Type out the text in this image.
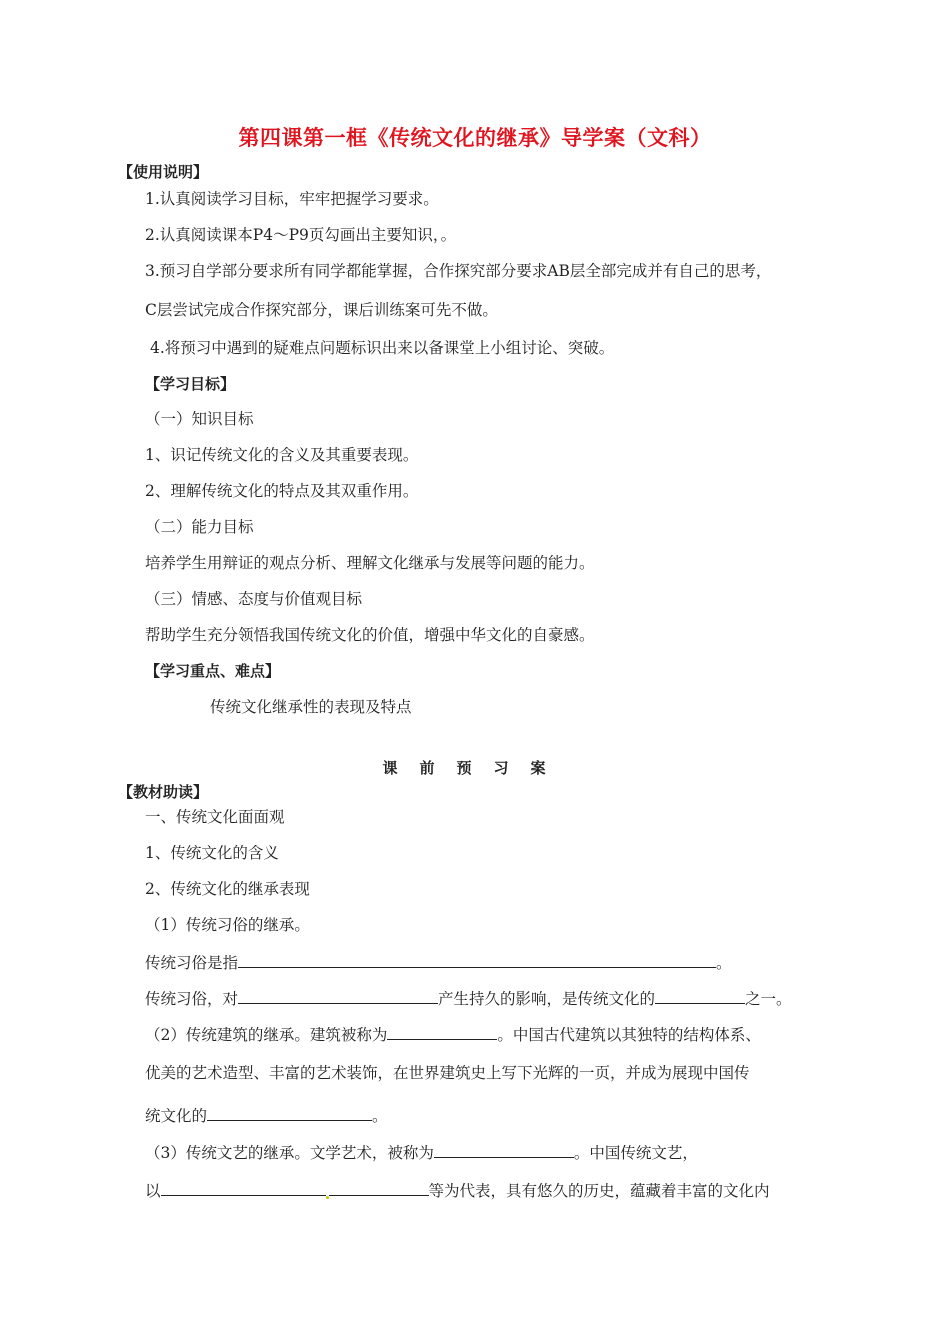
第四课第一框《传统文化的继承》导学案（文科）
【使用说明】
1.认真阅读学习目标，牢牢把握学习要求。
2.认真阅读课本P4～P9页勾画出主要知识，。
3.预习自学部分要求所有同学都能掌握，合作探究部分要求AB层全部完成并有自己的思考，
C层尝试完成合作探究部分，课后训练案可先不做。
4.将预习中遇到的疑难点问题标识出来以备课堂上小组讨论、突破。
【学习目标】
（一）知识目标
1、识记传统文化的含义及其重要表现。
2、理解传统文化的特点及其双重作用。
（二）能力目标
培养学生用辩证的观点分析、理解文化继承与发展等问题的能力。
（三）情感、态度与价值观目标
帮助学生充分领悟我国传统文化的价值，增强中华文化的自豪感。
【学习重点、难点】
传统文化继承性的表现及特点
课前预习案
【教材助读】
一、传统文化面面观
1、传统文化的含义
2、传统文化的继承表现
（1）传统习俗的继承。
传统习俗是指	。
传统习俗，对	产生持久的影响，是传统文化的	之一。
（2）传统建筑的继承。建筑被称为	。中国古代建筑以其独特的结构体系、
优美的艺术造型、丰富的艺术装饰，在世界建筑史上写下光辉的一页，并成为展现中国传
统文化的	。
（3）传统文艺的继承。文学艺术，被称为	。中国传统文艺，
以	等为代表，具有悠久的历史，蕴藏着丰富的文化内
